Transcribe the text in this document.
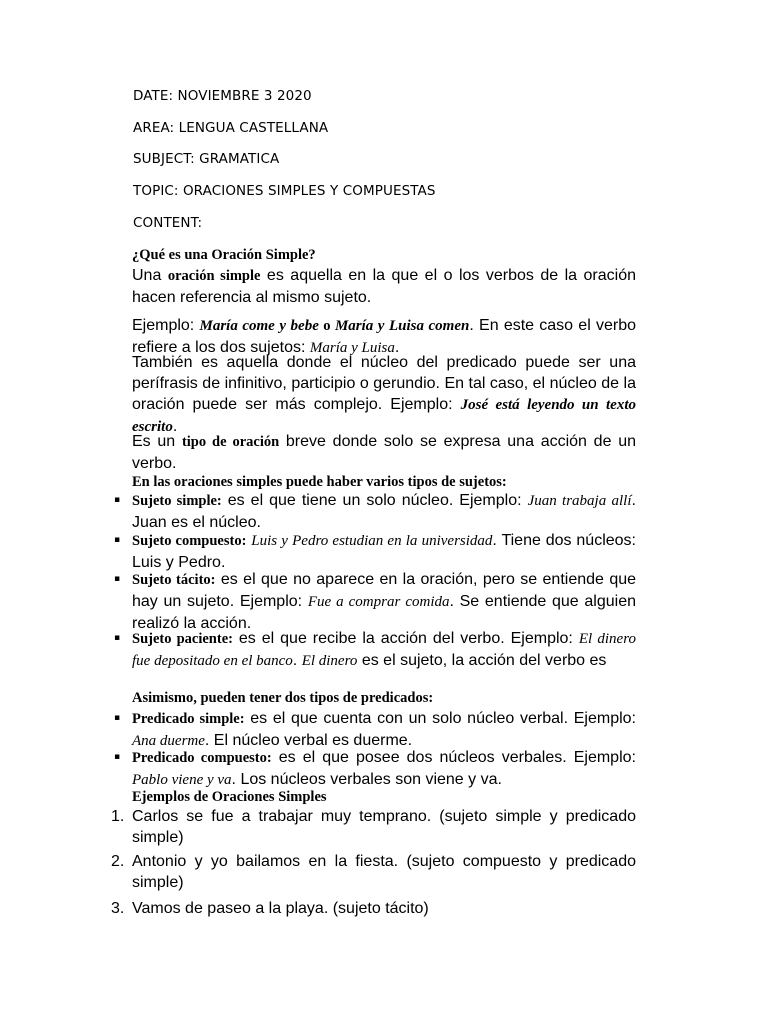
DATE: NOVIEMBRE 3 2020
AREA: LENGUA CASTELLANA
SUBJECT: GRAMATICA
TOPIC: ORACIONES SIMPLES Y COMPUESTAS
CONTENT:
¿Qué es una Oración Simple?

Una oración simple es aquella en la que el o los verbos de la oración hacen referencia al mismo sujeto.

Ejemplo: María come y bebe o María y Luisa comen. En este caso el verbo refiere a los dos sujetos: María y Luisa.

También es aquella donde el núcleo del predicado puede ser una perífrasis de infinitivo, participio o gerundio. En tal caso, el núcleo de la oración puede ser más complejo. Ejemplo: José está leyendo un texto escrito.

Es un tipo de oración breve donde solo se expresa una acción de un verbo.

En las oraciones simples puede haber varios tipos de sujetos:
▪ Sujeto simple: es el que tiene un solo núcleo. Ejemplo: Juan trabaja allí. Juan es el núcleo.

▪ Sujeto compuesto: Luis y Pedro estudian en la universidad. Tiene dos núcleos: Luis y Pedro.

▪ Sujeto tácito: es el que no aparece en la oración, pero se entiende que hay un sujeto. Ejemplo: Fue a comprar comida. Se entiende que alguien realizó la acción.

▪ Sujeto paciente: es el que recibe la acción del verbo. Ejemplo: El dinero fue depositado en el banco. El dinero es el sujeto, la acción del verbo es

Asimismo, pueden tener dos tipos de predicados:
▪ Predicado simple: es el que cuenta con un solo núcleo verbal. Ejemplo: Ana duerme. El núcleo verbal es duerme.

▪ Predicado compuesto: es el que posee dos núcleos verbales. Ejemplo: Pablo viene y va. Los núcleos verbales son viene y va.

Ejemplos de Oraciones Simples
1. Carlos se fue a trabajar muy temprano. (sujeto simple y predicado simple)

2. Antonio y yo bailamos en la fiesta. (sujeto compuesto y predicado simple)

3. Vamos de paseo a la playa. (sujeto tácito)
